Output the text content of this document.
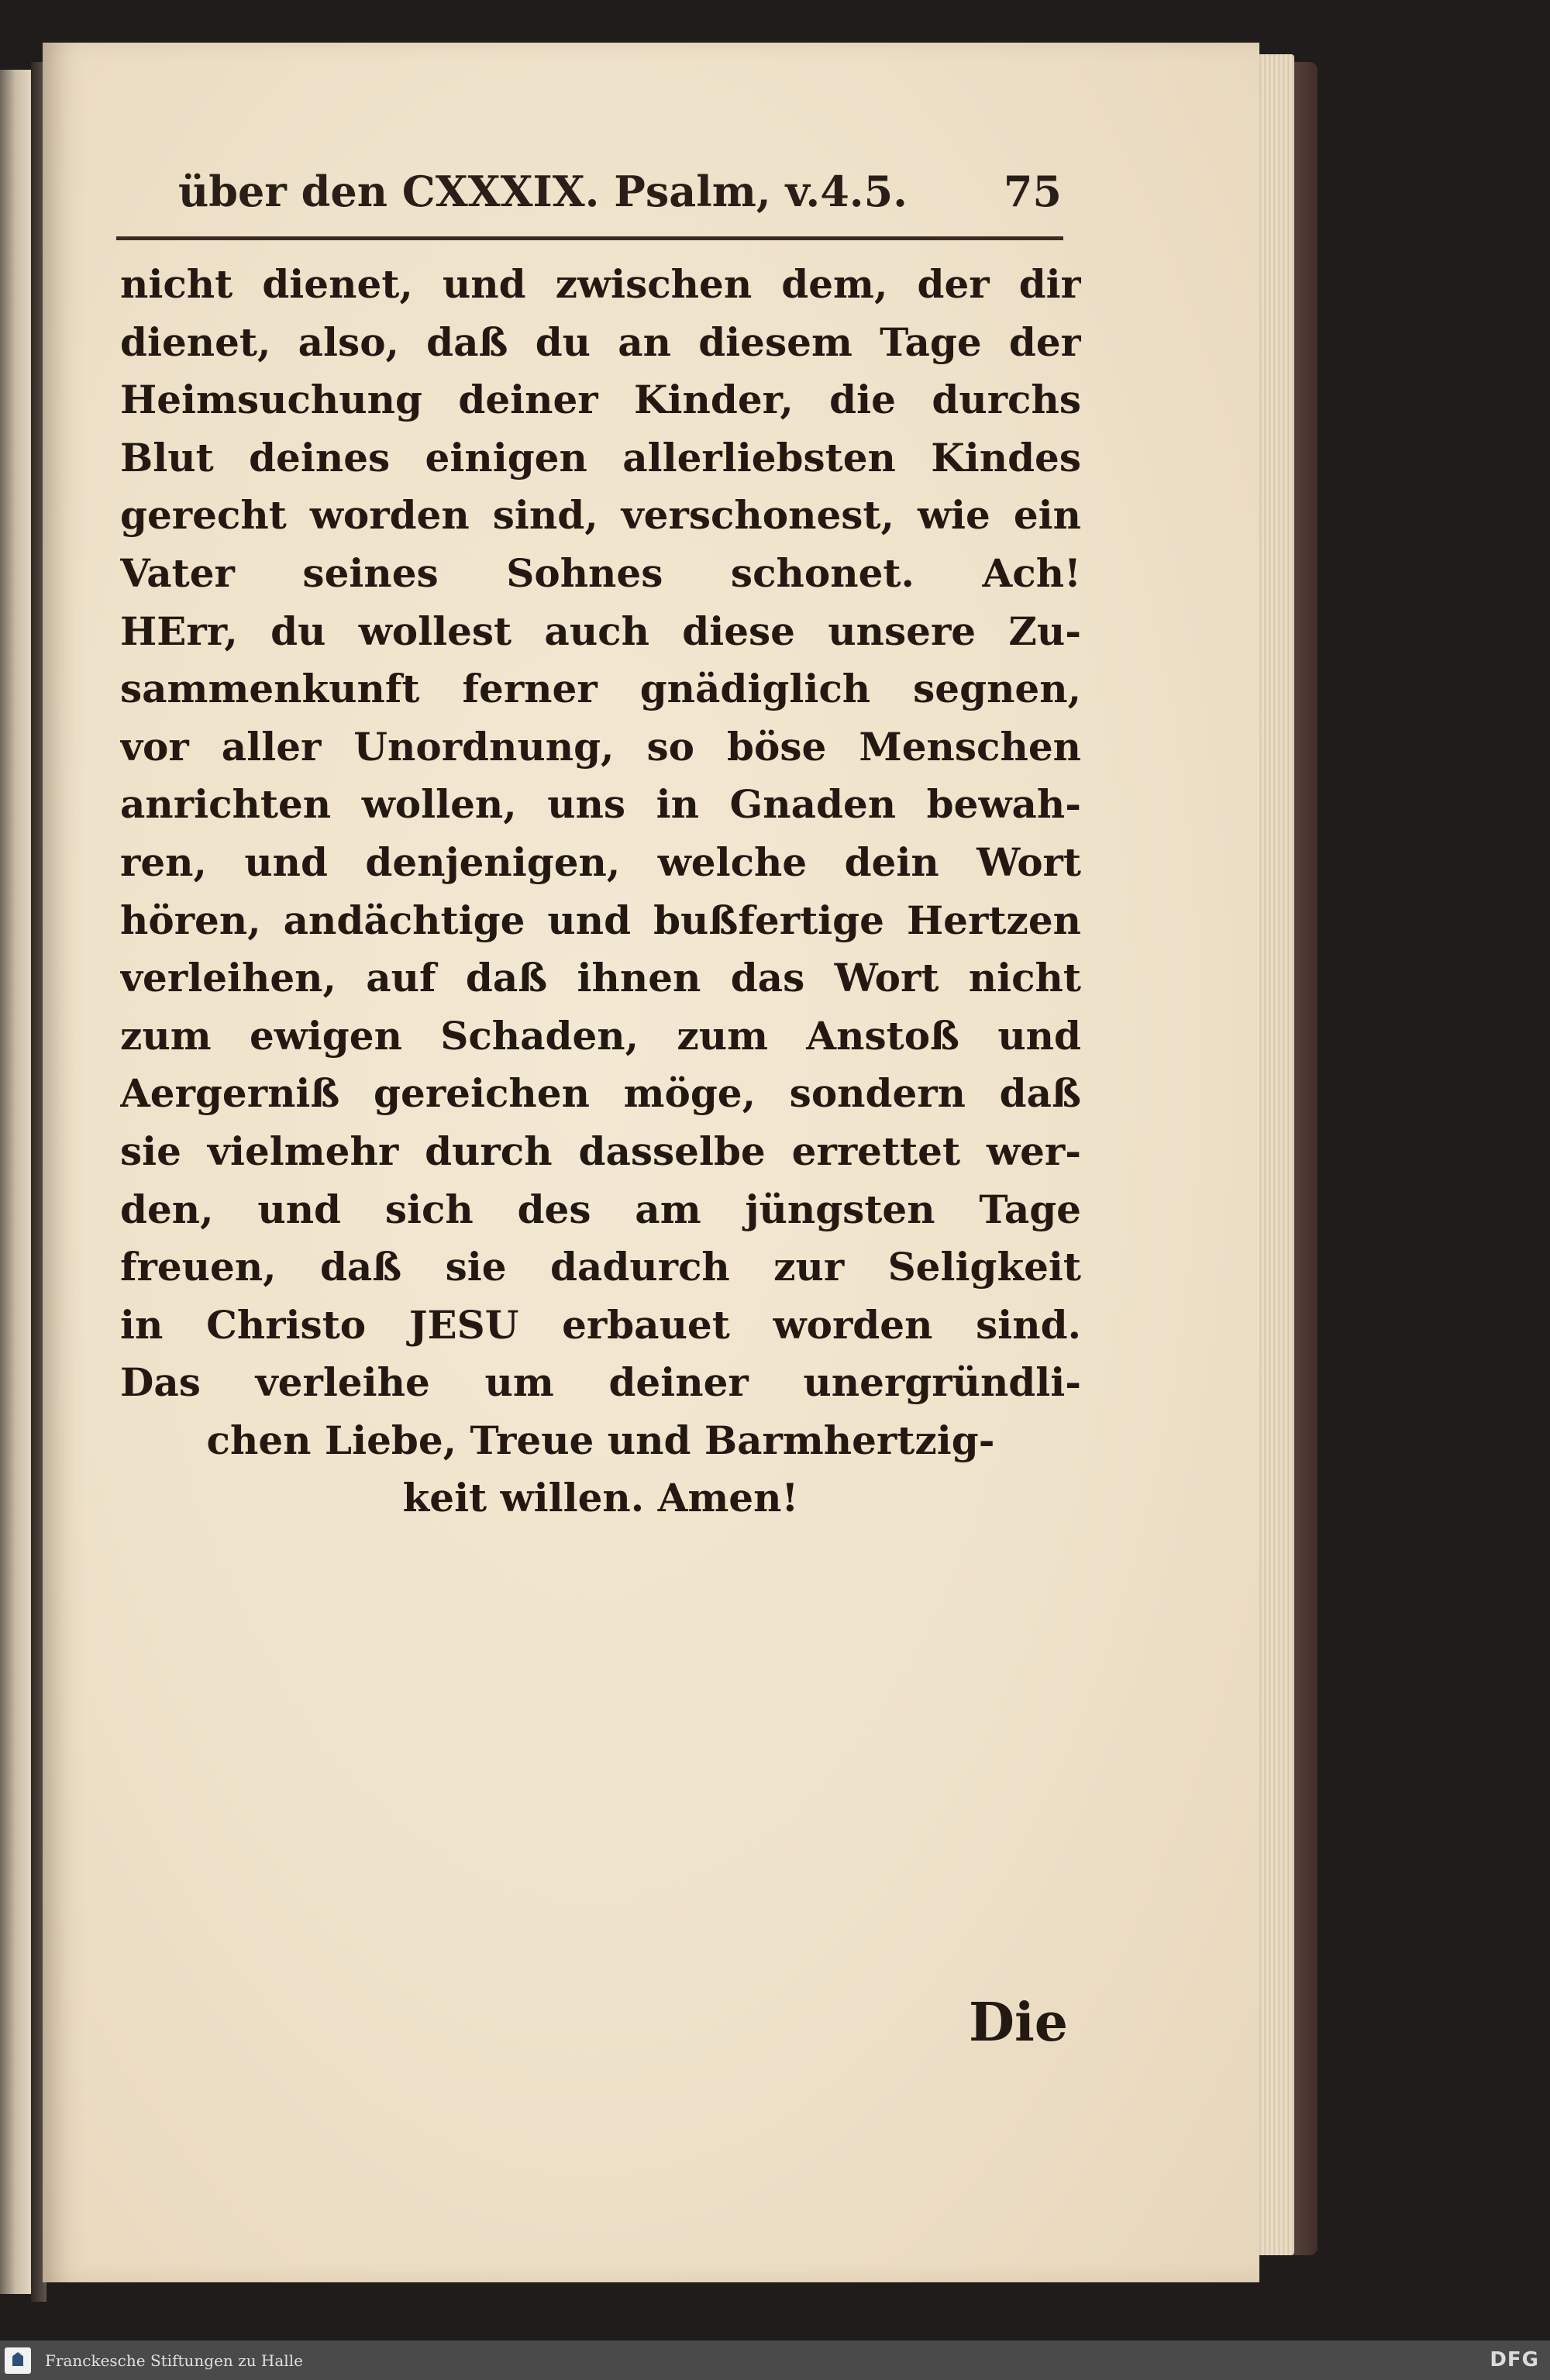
über den CXXXIX. Psalm, v.4.5. 75
nicht dienet, und zwischen dem, der dir
dienet, also, daß du an diesem Tage der
Heimsuchung deiner Kinder, die durchs
Blut deines einigen allerliebsten Kindes
gerecht worden sind, verschonest, wie ein
Vater seines Sohnes schonet. Ach!
HErr, du wollest auch diese unsere Zu-
sammenkunft ferner gnädiglich segnen,
vor aller Unordnung, so böse Menschen
anrichten wollen, uns in Gnaden bewah-
ren, und denjenigen, welche dein Wort
hören, andächtige und bußfertige Hertzen
verleihen, auf daß ihnen das Wort nicht
zum ewigen Schaden, zum Anstoß und
Aergerniß gereichen möge, sondern daß
sie vielmehr durch dasselbe errettet wer-
den, und sich des am jüngsten Tage
freuen, daß sie dadurch zur Seligkeit
in Christo JESU erbauet worden sind.
Das verleihe um deiner unergründli-
chen Liebe, Treue und Barmhertzig-
keit willen. Amen!
Die
Franckesche Stiftungen zu Halle	DFG
